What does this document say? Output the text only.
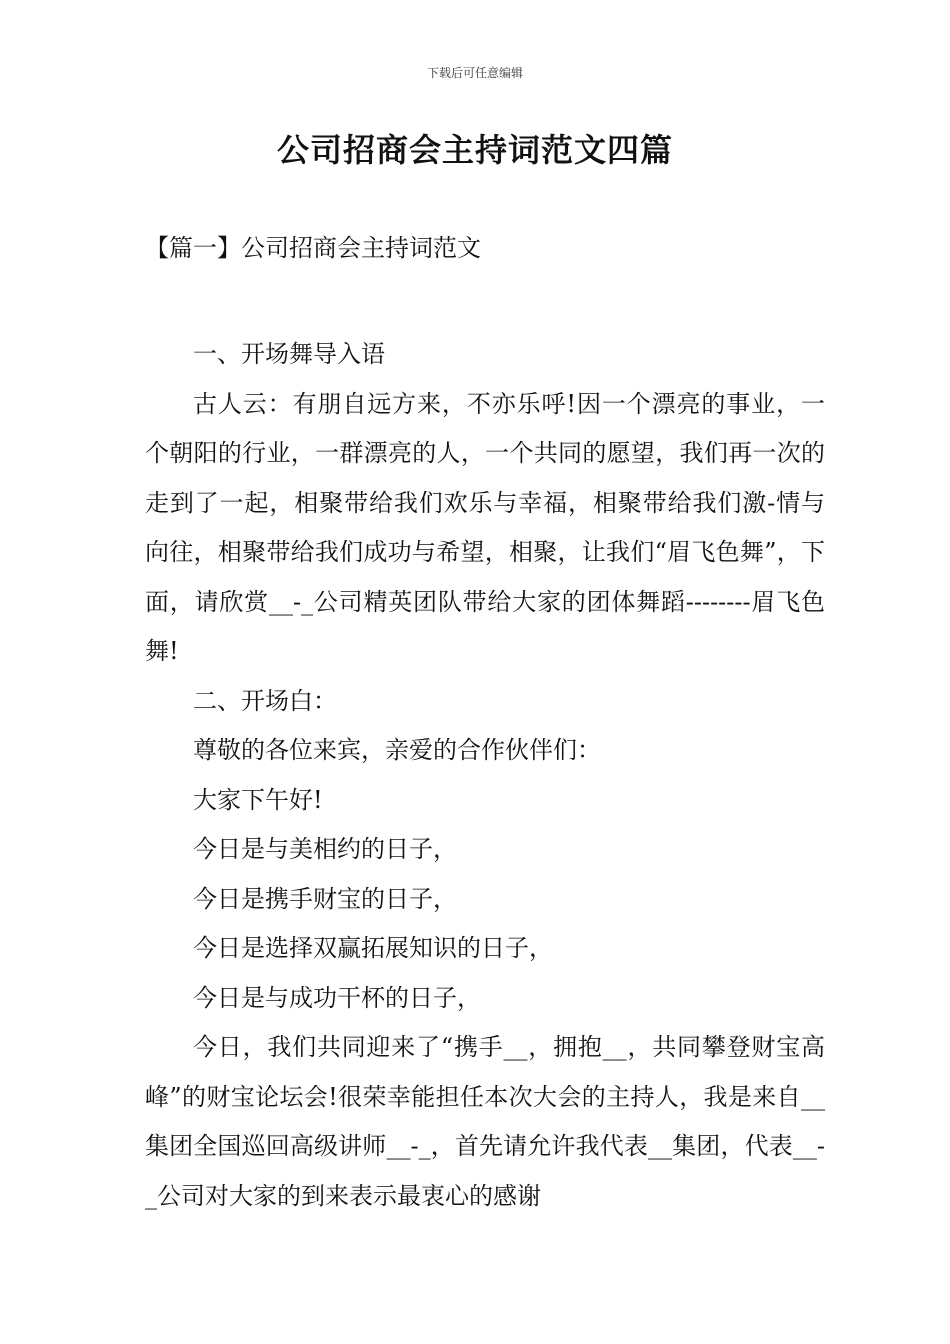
下载后可任意编辑
公司招商会主持词范文四篇
【篇一】公司招商会主持词范文

一、开场舞导入语

古人云：有朋自远方来，不亦乐呼!因一个漂亮的事业，一个朝阳的行业，一群漂亮的人，一个共同的愿望，我们再一次的走到了一起，相聚带给我们欢乐与幸福，相聚带给我们激-情与向往，相聚带给我们成功与希望，相聚，让我们“眉飞色舞”，下面，请欣赏__-_公司精英团队带给大家的团体舞蹈--------眉飞色舞!

二、开场白：

尊敬的各位来宾，亲爱的合作伙伴们：

大家下午好!

今日是与美相约的日子，

今日是携手财宝的日子，

今日是选择双赢拓展知识的日子，

今日是与成功干杯的日子，

今日，我们共同迎来了“携手__，拥抱__，共同攀登财宝高峰”的财宝论坛会!很荣幸能担任本次大会的主持人，我是来自__集团全国巡回高级讲师__-_，首先请允许我代表__集团，代表__-_公司对大家的到来表示最衷心的感谢
